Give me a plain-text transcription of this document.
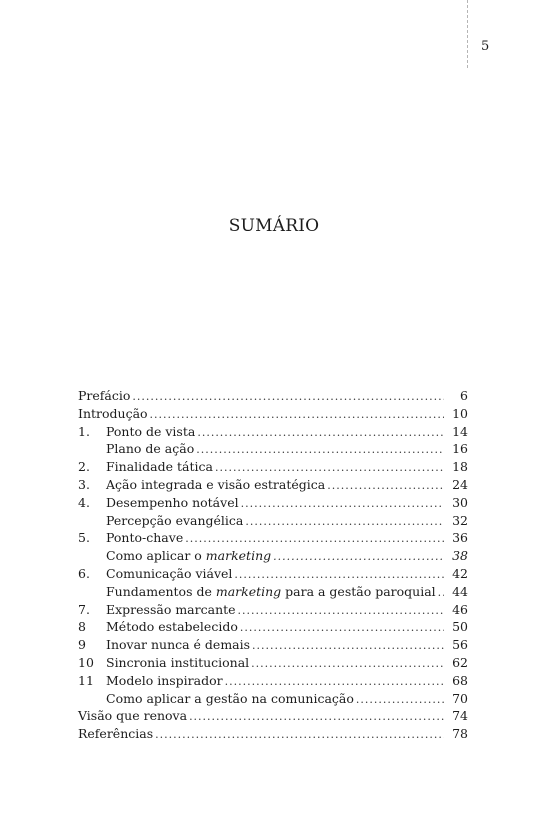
5
SUMÁRIO
Prefácio .....	6
Introdução .....	10
1.	Ponto de vista .....	14
Plano de ação .....	16
2.	Finalidade tática .....	18
3.	Ação integrada e visão estratégica .....	24
4.	Desempenho notável .....	30
Percepção evangélica .....	32
5.	Ponto-chave .....	36
Como aplicar o marketing .....	38
6.	Comunicação viável .....	42
Fundamentos de marketing para a gestão paroquial .....	44
7.	Expressão marcante .....	46
8	Método estabelecido .....	50
9	Inovar nunca é demais .....	56
10 Sincronia institucional .....	62
11 Modelo inspirador .....	68
Como aplicar a gestão na comunicação .....	70
Visão que renova .....	74
Referências .....	78
